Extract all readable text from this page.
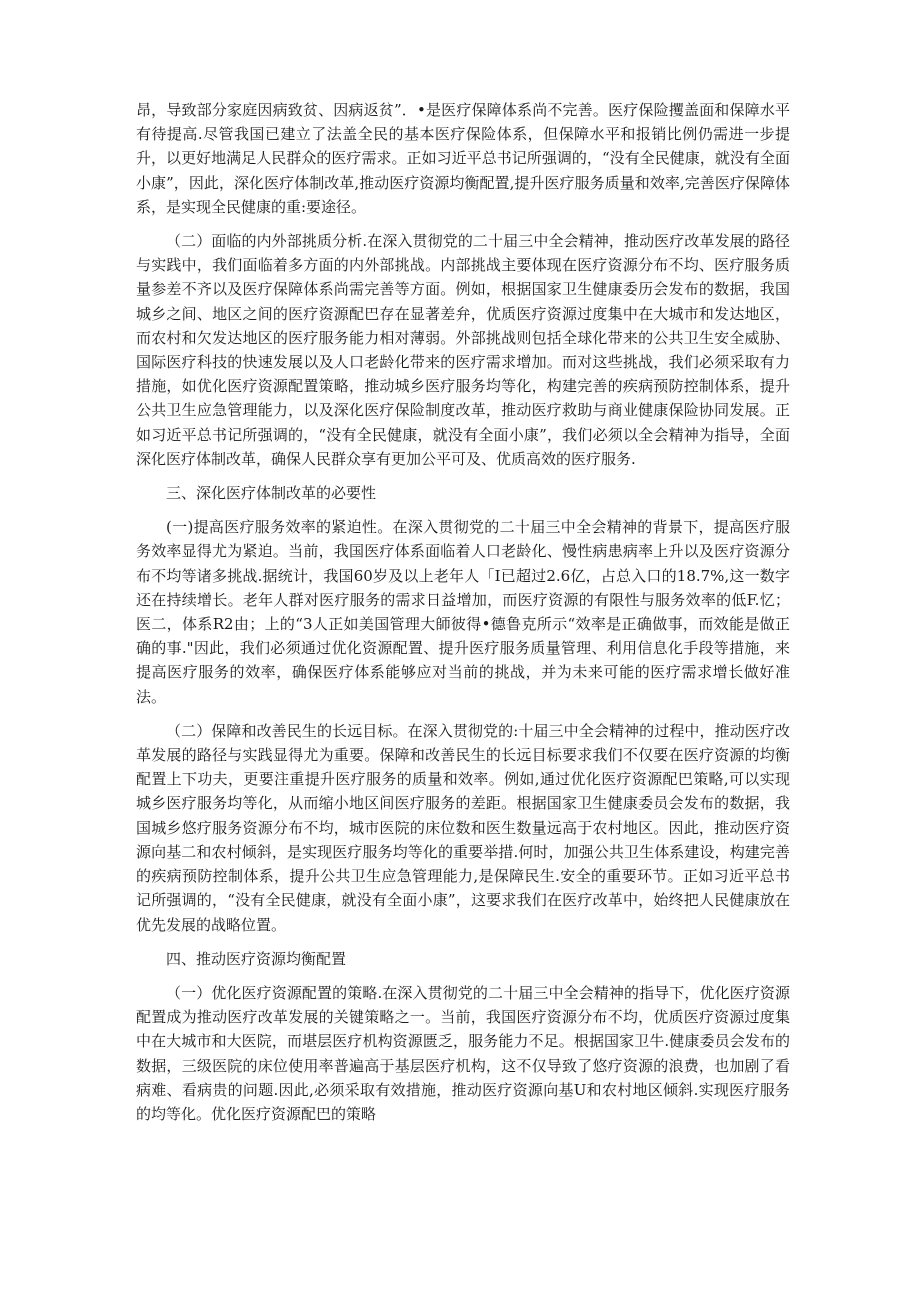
昂，导致部分家庭因病致贫、因病返贫”．•是医疗保障体系尚不完善。医疗保险攫盖面和保障水平有待提高.尽管我国已建立了法盖全民的基本医疗保险体系，但保障水平和报销比例仍需进一步提升，以更好地满足人民群众的医疗需求。正如习近平总书记所强调的，“没有全民健康，就没有全面小康”，因此，深化医疗体制改革,推动医疗资源均衡配置,提升医疗服务质量和效率,完善医疗保障体系，是实现全民健康的重:要途径。

（二）面临的内外部挑质分析.在深入贯彻党的二十届三中全会精神，推动医疗改革发展的路径与实践中，我们面临着多方面的内外部挑战。内部挑战主要体现在医疗资源分布不均、医疗服务质量参差不齐以及医疗保障体系尚需完善等方面。例如，根据国家卫生健康委历会发布的数据，我国城乡之间、地区之间的医疗资源配巴存在显著差弁，优质医疗资源过度集中在大城市和发达地区，而农村和欠发达地区的医疗服务能力相对薄弱。外部挑战则包括全球化带来的公共卫生安全威胁、国际医疗科技的快速发展以及人口老龄化带来的医疗需求增加。而对这些挑战，我们必须采取有力措施，如优化医疗资源配置策略，推动城乡医疗服务均等化，构建完善的疾病预防控制体系，提升公共卫生应急管理能力，以及深化医疗保险制度改革，推动医疗救助与商业健康保险协同发展。正如习近平总书记所强调的，“没有全民健康，就没有全面小康”，我们必须以全会精神为指导，全面深化医疗体制改革，确保人民群众享有更加公平可及、优质高效的医疗服务.

三、深化医疗体制改革的必要性

(一)提高医疗服务效率的紧迫性。在深入贯彻党的二十届三中全会精神的背景下，提高医疗服务效率显得尤为紧迫。当前，我国医疗体系面临着人口老龄化、慢性病患病率上升以及医疗资源分布不均等诸多挑战.据统计，我国60岁及以上老年人「I已超过2.6亿，占总入口的18.7%,这一数字还在持续增长。老年人群对医疗服务的需求日益增加，而医疗资源的有限性与服务效率的低F.忆；医二，体系R2由；上的“3人正如美国管理大師彼得•德鲁克所示“效率是正确做事，而效能是做正确的事."因此，我们必须通过优化资源配置、提升医疗服务质量管理、利用信息化手段等措施，来提高医疗服务的效率，确保医疗体系能够应对当前的挑战，并为未来可能的医疗需求增长做好准法。

（二）保障和改善民生的长远目标。在深入贯彻党的:十届三中全会精神的过程中，推动医疗改革发展的路径与实践显得尤为重要。保障和改善民生的长远目标要求我们不仅要在医疗资源的均衡配置上下功夫，更要注重提升医疗服务的质量和效率。例如,通过优化医疗资源配巴策略,可以实现城乡医疗服务均等化，从而缩小地区间医疗服务的差距。根据国家卫生健康委员会发布的数据，我国城乡悠疗服务资源分布不均，城市医院的床位数和医生数量远高于农村地区。因此，推动医疗资源向基二和农村倾斜，是实现医疗服务均等化的重要举措.何时，加强公共卫生体系建设，构建完善的疾病预防控制体系，提升公共卫生应急管理能力,是保障民生.安全的重要环节。正如习近平总书记所强调的，“没有全民健康，就没有全面小康”，这要求我们在医疗改革中，始终把人民健康放在优先发展的战略位置。

四、推动医疗资源均衡配置

（一）优化医疗资源配置的策略.在深入贯彻党的二十届三中全会精神的指导下，优化医疗资源配置成为推动医疗改革发展的关键策略之一。当前，我国医疗资源分布不均，优质医疗资源过度集中在大城市和大医院，而堪层医疗机构资源匮乏，服务能力不足。根据国家卫牛.健康委员会发布的数据，三级医院的床位使用率普遍高于基层医疗机构，这不仅导致了悠疗资源的浪费，也加剧了看病难、看病贵的问题.因此,必须采取有效措施，推动医疗资源向基U和农村地区倾斜.实现医疗服务的均等化。优化医疗资源配巴的策略
